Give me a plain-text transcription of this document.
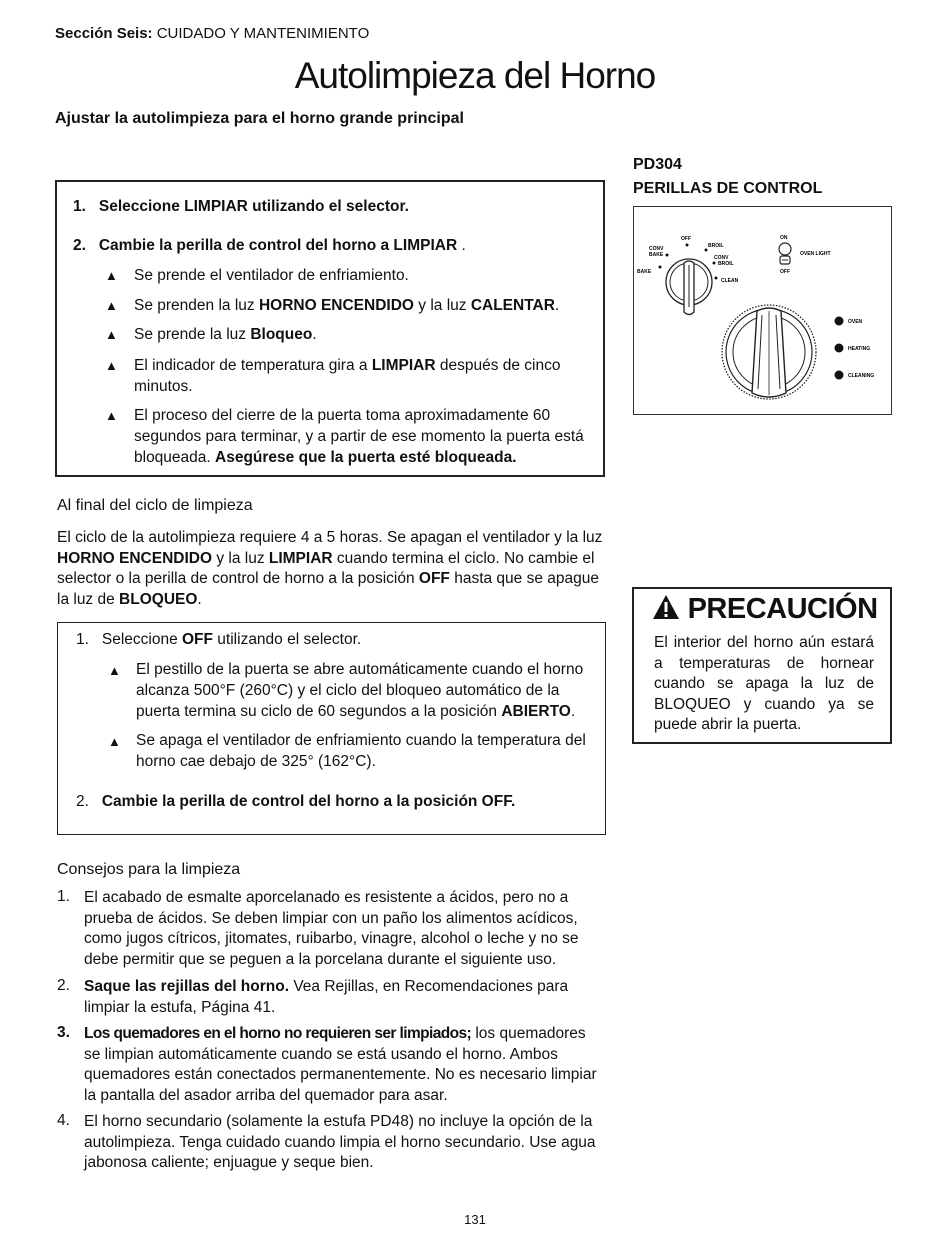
Sección Seis: CUIDADO Y MANTENIMIENTO
Autolimpieza del Horno
Ajustar la autolimpieza para el horno grande principal
1. Seleccione LIMPIAR utilizando el selector.
2. Cambie la perilla de control del horno a LIMPIAR .
▲ Se prende el ventilador de enfriamiento.
▲ Se prenden la luz HORNO ENCENDIDO y la luz CALENTAR.
▲ Se prende la luz Bloqueo.
▲ El indicador de temperatura gira a LIMPIAR después de cinco
minutos.
▲ El proceso del cierre de la puerta toma aproximadamente 60
segundos para terminar, y a partir de ese momento la puerta está
bloqueada. Asegúrese que la puerta esté bloqueada.
Al final del ciclo de limpieza
El ciclo de la autolimpieza requiere 4 a 5 horas. Se apagan el ventilador y la luz
HORNO ENCENDIDO y la luz LIMPIAR cuando termina el ciclo. No cambie el
selector o la perilla de control de horno a la posición OFF hasta que se apague
la luz de BLOQUEO.
1. Seleccione OFF utilizando el selector.
▲ El pestillo de la puerta se abre automáticamente cuando el horno
alcanza 500°F (260°C) y el ciclo del bloqueo automático de la
puerta termina su ciclo de 60 segundos a la posición ABIERTO.
▲ Se apaga el ventilador de enfriamiento cuando la temperatura del
horno cae debajo de 325° (162°C).
2. Cambie la perilla de control del horno a la posición OFF.
Consejos para la limpieza
1. El acabado de esmalte aporcelanado es resistente a ácidos, pero no a
prueba de ácidos. Se deben limpiar con un paño los alimentos acídicos,
como jugos cítricos, jitomates, ruibarbo, vinagre, alcohol o leche y no se
debe permitir que se peguen a la porcelana durante el siguiente uso.
2. Saque las rejillas del horno. Vea Rejillas, en Recomendaciones para
limpiar la estufa, Página 41.
3. Los quemadores en el horno no requieren ser limpiados; los quemadores
se limpian automáticamente cuando se está usando el horno. Ambos
quemadores están conectados permanentemente. No es necesario limpiar
la pantalla del asador arriba del quemador para asar.
4. El horno secundario (solamente la estufa PD48) no incluye la opción de la
autolimpieza. Tenga cuidado cuando limpia el horno secundario. Use agua
jabonosa caliente; enjuague y seque bien.
PD304
PERILLAS DE CONTROL
OFF
BROIL
CONV
BAKE
BAKE
CONV
BROIL
CLEAN
ON
OVEN LIGHT
OFF
OVEN
HEATING
CLEANING
PRECAUCIÓN
El interior del horno aún estará a temperaturas de hornear cuando se apaga la luz de BLOQUEO y cuando ya se puede abrir la puerta.
131
